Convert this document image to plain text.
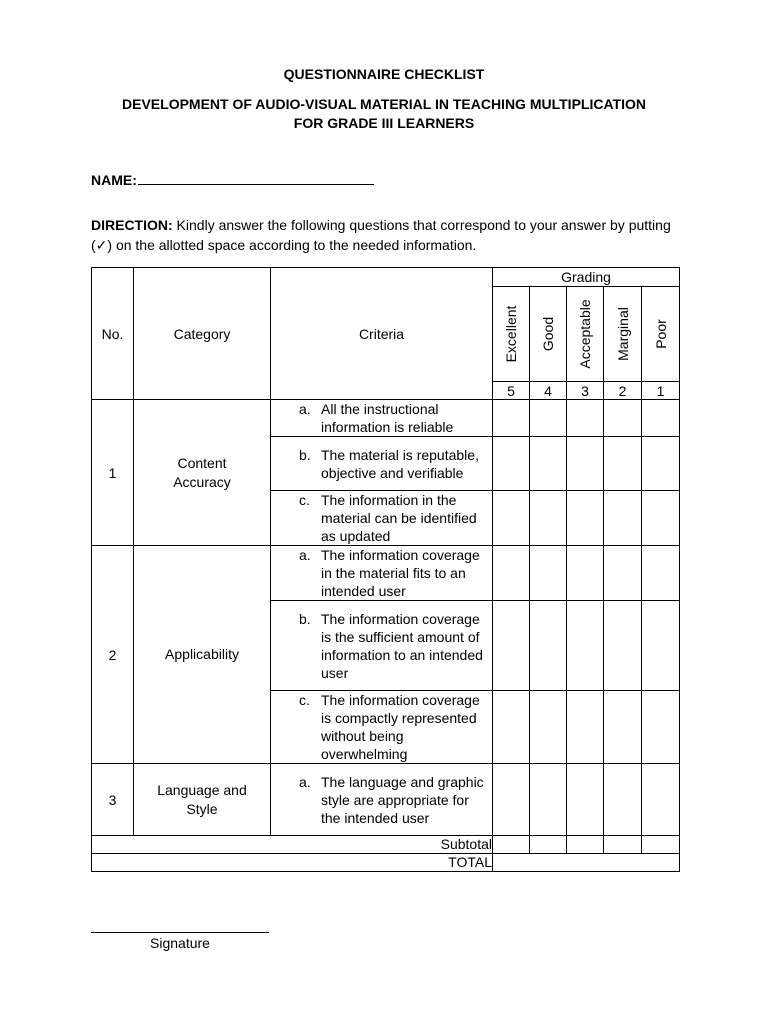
QUESTIONNAIRE CHECKLIST
DEVELOPMENT OF AUDIO-VISUAL MATERIAL IN TEACHING MULTIPLICATION
FOR GRADE III LEARNERS
NAME:
DIRECTION: Kindly answer the following questions that correspond to your answer by putting (✓) on the allotted space according to the needed information.
No.	Category	Criteria	Grading				

			Excellent	Good	Acceptable	Marginal	Poor

			5	4	3	2	1
1	Content Accuracy	a. All the instructional information is reliable					

		b. The material is reputable, objective and verifiable					

		c. The information in the material can be identified as updated					

2	Applicability	a. The information coverage in the material fits to an intended user					

		b. The information coverage is the sufficient amount of information to an intended user					

		c. The information coverage is compactly represented without being overwhelming					

3	Language and Style	a. The language and graphic style are appropriate for the intended user					

Subtotal							
TOTAL							
Signature
